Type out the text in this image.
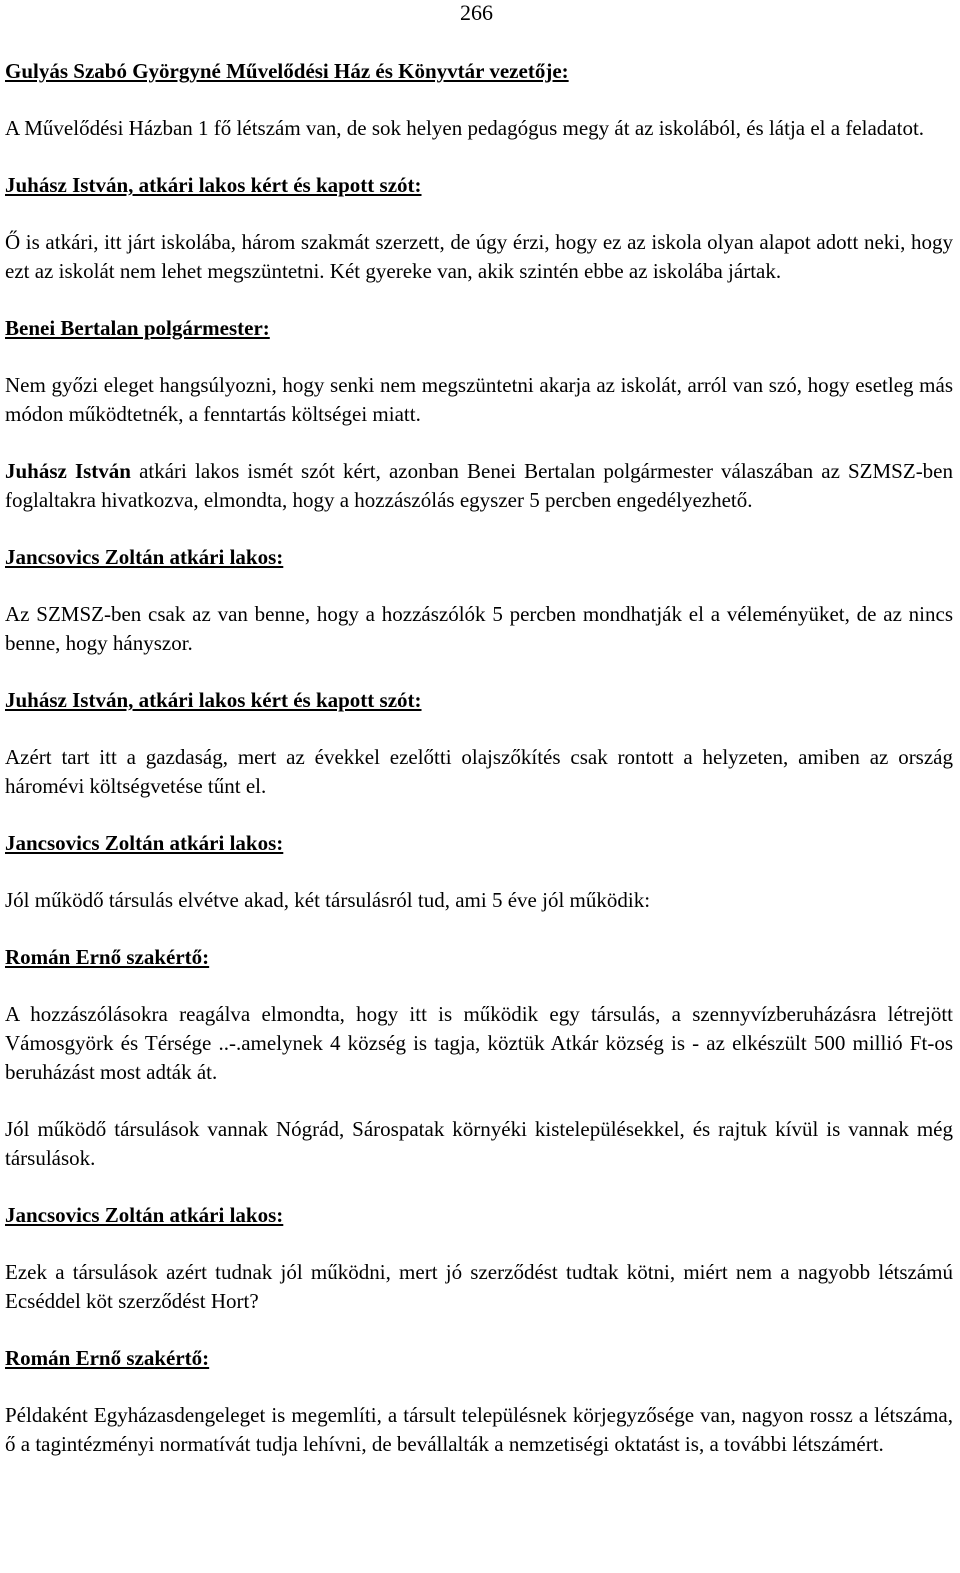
266
Gulyás Szabó Györgyné Művelődési Ház és Könyvtár vezetője:
A Művelődési Házban 1 fő létszám van, de sok helyen pedagógus megy át az iskolából, és látja el a feladatot.
Juhász István, atkári lakos kért és kapott szót:
Ő is atkári, itt járt iskolába, három szakmát szerzett, de úgy érzi, hogy ez az iskola olyan alapot adott neki, hogy ezt az iskolát nem lehet megszüntetni. Két gyereke van, akik szintén ebbe az iskolába jártak.
Benei Bertalan polgármester:
Nem győzi eleget hangsúlyozni, hogy senki nem megszüntetni akarja az iskolát, arról van szó, hogy esetleg más módon működtetnék, a fenntartás költségei miatt.
Juhász István atkári lakos ismét szót kért, azonban Benei Bertalan polgármester válaszában az SZMSZ-ben foglaltakra hivatkozva, elmondta, hogy a hozzászólás egyszer 5 percben engedélyezhető.
Jancsovics Zoltán atkári lakos:
Az SZMSZ-ben csak az van benne, hogy a hozzászólók 5 percben mondhatják el a véleményüket, de az nincs benne, hogy hányszor.
Juhász István, atkári lakos kért és kapott szót:
Azért tart itt a gazdaság, mert az évekkel ezelőtti olajszőkítés csak rontott a helyzeten, amiben az ország háromévi költségvetése tűnt el.
Jancsovics Zoltán atkári lakos:
Jól működő társulás elvétve akad, két társulásról tud, ami 5 éve jól működik:
Román Ernő szakértő:
A hozzászólásokra reagálva elmondta, hogy itt is működik egy társulás, a szennyvízberuházásra létrejött Vámosgyörk és Térsége ..-.amelynek 4 község is tagja, köztük Atkár község is - az elkészült 500 millió Ft-os beruházást most adták át.
Jól működő társulások vannak Nógrád, Sárospatak környéki kistelepülésekkel, és rajtuk kívül is vannak még társulások.
Jancsovics Zoltán atkári lakos:
Ezek a társulások azért tudnak jól működni, mert jó szerződést tudtak kötni, miért nem a nagyobb létszámú Ecséddel köt szerződést Hort?
Román Ernő szakértő:
Példaként Egyházasdengeleget is megemlíti, a társult településnek körjegyzősége van, nagyon rossz a létszáma, ő a tagintézményi normatívát tudja lehívni, de bevállalták a nemzetiségi oktatást is, a további létszámért.
